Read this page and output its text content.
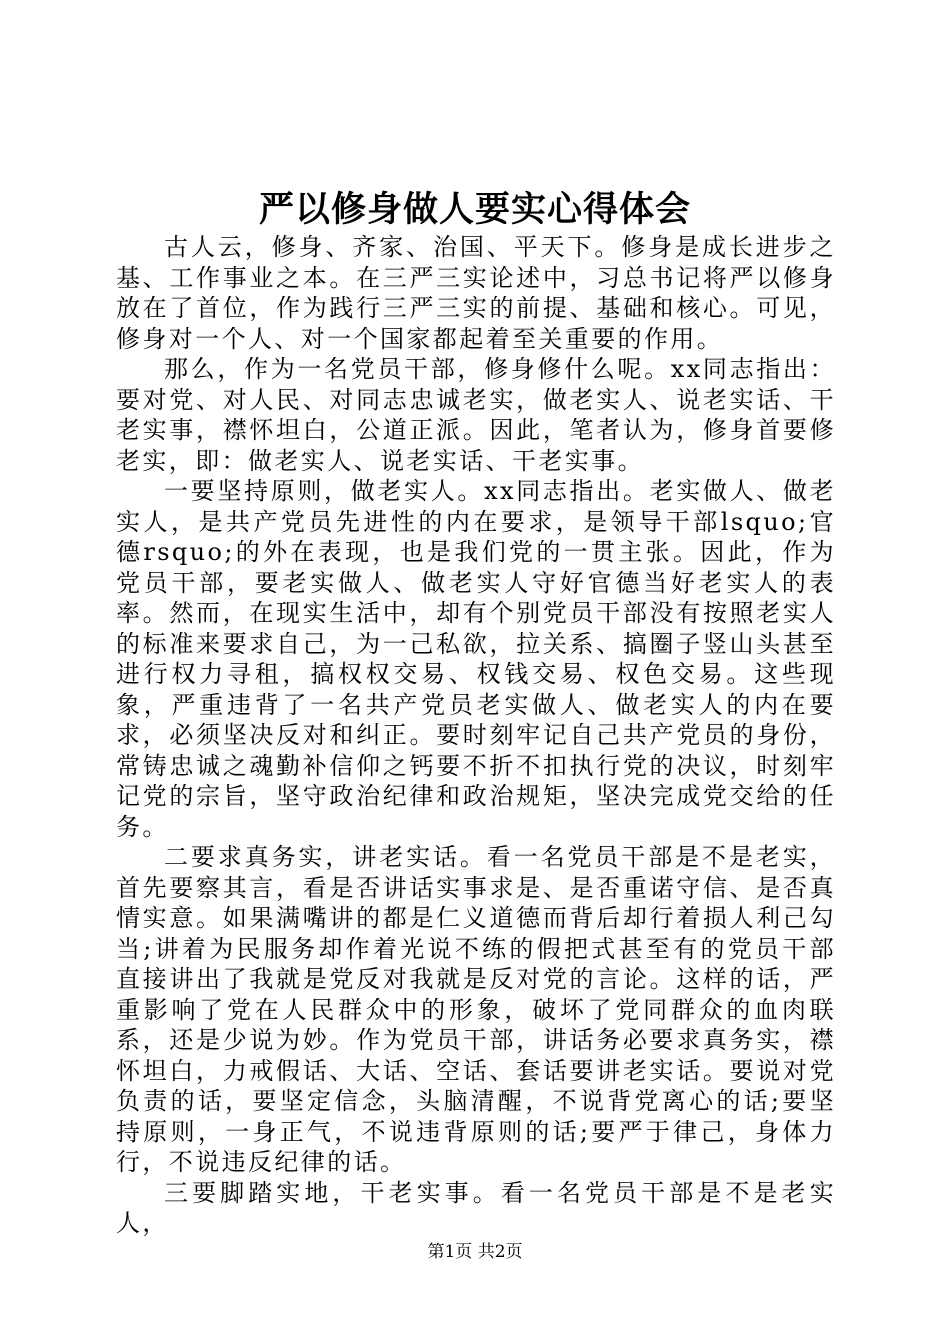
严以修身做人要实心得体会

古人云，修身、齐家、治国、平天下。修身是成长进步之基、工作事业之本。在三严三实论述中，习总书记将严以修身放在了首位，作为践行三严三实的前提、基础和核心。可见，修身对一个人、对一个国家都起着至关重要的作用。

那么，作为一名党员干部，修身修什么呢。xx同志指出：要对党、对人民、对同志忠诚老实，做老实人、说老实话、干老实事，襟怀坦白，公道正派。因此，笔者认为，修身首要修老实，即：做老实人、说老实话、干老实事。

一要坚持原则，做老实人。xx同志指出。老实做人、做老实人，是共产党员先进性的内在要求，是领导干部lsquo;官德rsquo;的外在表现，也是我们党的一贯主张。因此，作为党员干部，要老实做人、做老实人守好官德当好老实人的表率。然而，在现实生活中，却有个别党员干部没有按照老实人的标准来要求自己，为一己私欲，拉关系、搞圈子竖山头甚至进行权力寻租，搞权权交易、权钱交易、权色交易。这些现象，严重违背了一名共产党员老实做人、做老实人的内在要求，必须坚决反对和纠正。要时刻牢记自己共产党员的身份，常铸忠诚之魂勤补信仰之钙要不折不扣执行党的决议，时刻牢记党的宗旨，坚守政治纪律和政治规矩，坚决完成党交给的任务。

二要求真务实，讲老实话。看一名党员干部是不是老实，首先要察其言，看是否讲话实事求是、是否重诺守信、是否真情实意。如果满嘴讲的都是仁义道德而背后却行着损人利己勾当;讲着为民服务却作着光说不练的假把式甚至有的党员干部直接讲出了我就是党反对我就是反对党的言论。这样的话，严重影响了党在人民群众中的形象，破坏了党同群众的血肉联系，还是少说为妙。作为党员干部，讲话务必要求真务实，襟怀坦白，力戒假话、大话、空话、套话要讲老实话。要说对党负责的话，要坚定信念，头脑清醒，不说背党离心的话;要坚持原则，一身正气，不说违背原则的话;要严于律己，身体力行，不说违反纪律的话。

三要脚踏实地，干老实事。看一名党员干部是不是老实人，

第1页 共2页
